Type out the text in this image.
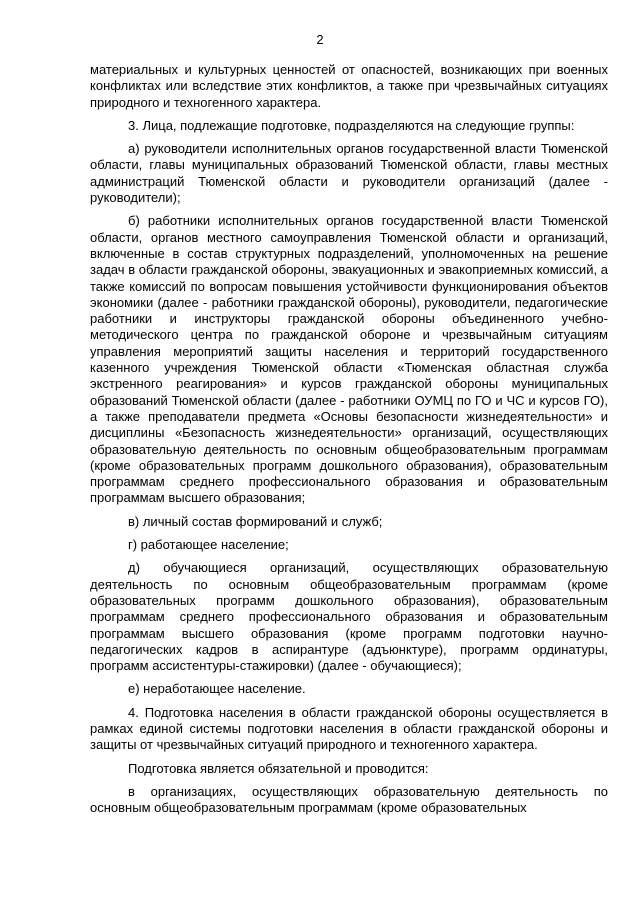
2

материальных и культурных ценностей от опасностей, возникающих при военных конфликтах или вследствие этих конфликтов, а также при чрезвычайных ситуациях природного и техногенного характера.

3. Лица, подлежащие подготовке, подразделяются на следующие группы:

а) руководители исполнительных органов государственной власти Тюменской области, главы муниципальных образований Тюменской области, главы местных администраций Тюменской области и руководители организаций (далее - руководители);

б) работники исполнительных органов государственной власти Тюменской области, органов местного самоуправления Тюменской области и организаций, включенные в состав структурных подразделений, уполномоченных на решение задач в области гражданской обороны, эвакуационных и эвакоприемных комиссий, а также комиссий по вопросам повышения устойчивости функционирования объектов экономики (далее - работники гражданской обороны), руководители, педагогические работники и инструкторы гражданской обороны объединенного учебно-методического центра по гражданской обороне и чрезвычайным ситуациям управления мероприятий защиты населения и территорий государственного казенного учреждения Тюменской области «Тюменская областная служба экстренного реагирования» и курсов гражданской обороны муниципальных образований Тюменской области (далее - работники ОУМЦ по ГО и ЧС и курсов ГО), а также преподаватели предмета «Основы безопасности жизнедеятельности» и дисциплины «Безопасность жизнедеятельности» организаций, осуществляющих образовательную деятельность по основным общеобразовательным программам (кроме образовательных программ дошкольного образования), образовательным программам среднего профессионального образования и образовательным программам высшего образования;

в) личный состав формирований и служб;

г) работающее население;

д) обучающиеся организаций, осуществляющих образовательную деятельность по основным общеобразовательным программам (кроме образовательных программ дошкольного образования), образовательным программам среднего профессионального образования и образовательным программам высшего образования (кроме программ подготовки научно-педагогических кадров в аспирантуре (адъюнктуре), программ ординатуры, программ ассистентуры-стажировки) (далее - обучающиеся);

е) неработающее население.

4. Подготовка населения в области гражданской обороны осуществляется в рамках единой системы подготовки населения в области гражданской обороны и защиты от чрезвычайных ситуаций природного и техногенного характера.

Подготовка является обязательной и проводится:

в организациях, осуществляющих образовательную деятельность по основным общеобразовательным программам (кроме образовательных
